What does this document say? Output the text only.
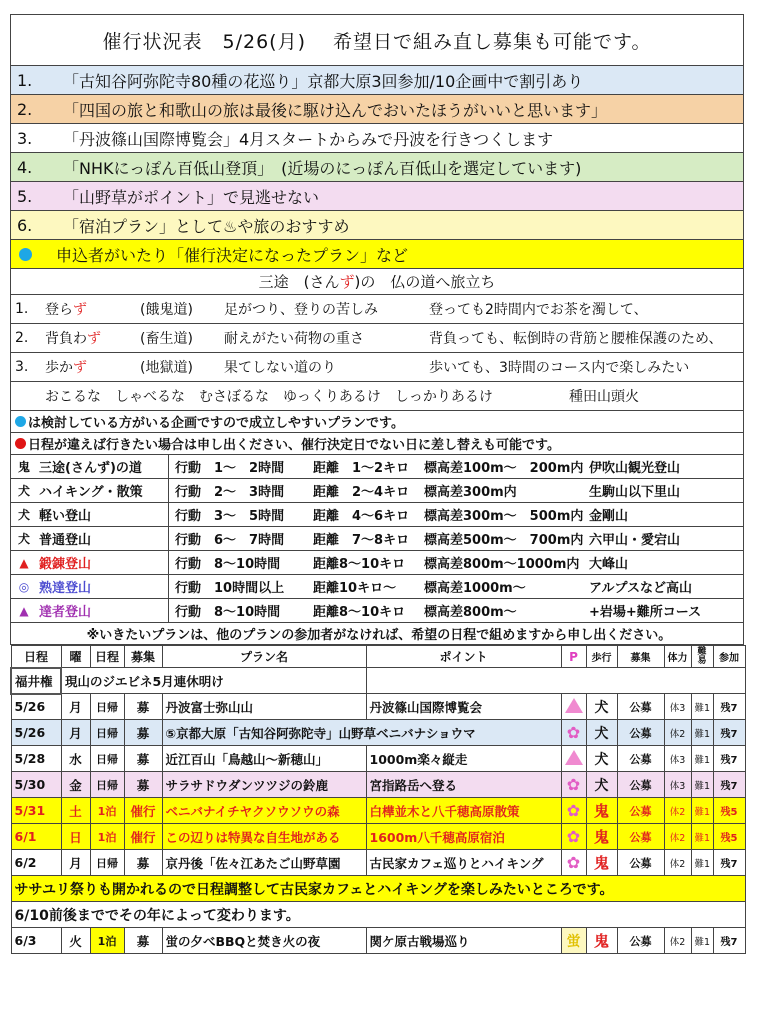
催行状況表　5/26(月)　 希望日で組み直し募集も可能です。
1.	「古知谷阿弥陀寺80種の花巡り」京都大原3回参加/10企画中で割引あり
2.	「四国の旅と和歌山の旅は最後に駆け込んでおいたほうがいいと思います」
3.	「丹波篠山国際博覧会」4月スタートからみで丹波を行きつくします
4.	「NHKにっぽん百低山登頂」　(近場のにっぽん百低山を選定しています)
5.	「山野草がポイント」で見逃せない
6.	「宿泊プラン」として♨や旅のおすすめ
申込者がいたり「催行決定になったプラン」など
三途　(さん ず )の　仏の道へ旅立ち
1.	登らず	(餓鬼道)	足がつり、登りの苦しみ	登っても2時間内でお茶を濁して、
2.	背負わず	(畜生道)	耐えがたい荷物の重さ	背負っても、転倒時の背筋と腰椎保護のため、
3.	歩かず	(地獄道)	果てしない道のり	歩いても、3時間のコース内で楽しみたい
おこるな　しゃべるな　むさぼるな　ゆっくりあるけ　しっかりあるけ	種田山頭火
は検討している方がいる企画ですので成立しやすいプランです。
日程が違えば行きたい場合は申し出ください、催行決定日でない日に差し替えも可能です。
鬼 三途(さんず)の道	行動　1～　2時間 距離　1～2キロ 標高差100m～　200m内 伊吹山観光登山
犬 ハイキング・散策	行動　2～　3時間 距離　2～4キロ 標高差300m内	生駒山以下里山
犬 軽い登山	行動　3～　5時間 距離　4～6キロ 標高差300m～　500m内 金剛山
犬 普通登山	行動　6～　7時間 距離　7～8キロ 標高差500m～　700m内 六甲山・愛宕山
▲ 鍛錬登山	行動　8～10時間	距離8～10キロ 標高差800m～1000m内 大峰山
◎ 熟達登山	行動　10時間以上 距離10キロ～ 標高差1000m～	アルプスなど高山
▲ 達者登山	行動　8～10時間	距離8～10キロ 標高差800m～	+岩場+難所コース
※いきたいプランは、他のプランの参加者がなければ、希望の日程で組めますから申し出ください。
日程	曜	日程	募集	プラン名	ポイント	P	歩行	募集	体力	難易	参加
福井権	現山のジエビネ5月連休明け										
5/26	月	日帰	募	丹波富士弥山山	丹波篠山国際博覧会		犬	公募	体3	難1	残7
5/26	月	日帰	募	⑤京都大原「古知谷阿弥陀寺」山野草ベニバナショウマ		✿	犬	公募	体2	難1	残7
5/28	水	日帰	募	近江百山「鳥越山～新穂山」	1000m楽々縦走		犬	公募	体3	難1	残7
5/30	金	日帰	募	サラサドウダンツツジの鈴鹿	宮指路岳へ登る	✿	犬	公募	体3	難1	残7
5/31	土	1泊	催行	ベニバナイチヤクソウソウの森	白樺並木と八千穂高原散策	✿	鬼	公募	体2	難1	残5
6/1	日	1泊	催行	この辺りは特異な自生地がある	1600m八千穂高原宿泊	✿	鬼	公募	体2	難1	残5
6/2	月	日帰	募	京丹後「佐々江あたご山野草園	古民家カフェ巡りとハイキング	✿	鬼	公募	体2	難1	残7
ササユリ祭りも開かれるので日程調整して古民家カフェとハイキングを楽しみたいところです。											
6/10前後まででその年によって変わります。											
6/3	火	1泊	募	蛍の夕べBBQと焚き火の夜	関ケ原古戦場巡り	蛍	鬼	公募	体2	難1	残7
